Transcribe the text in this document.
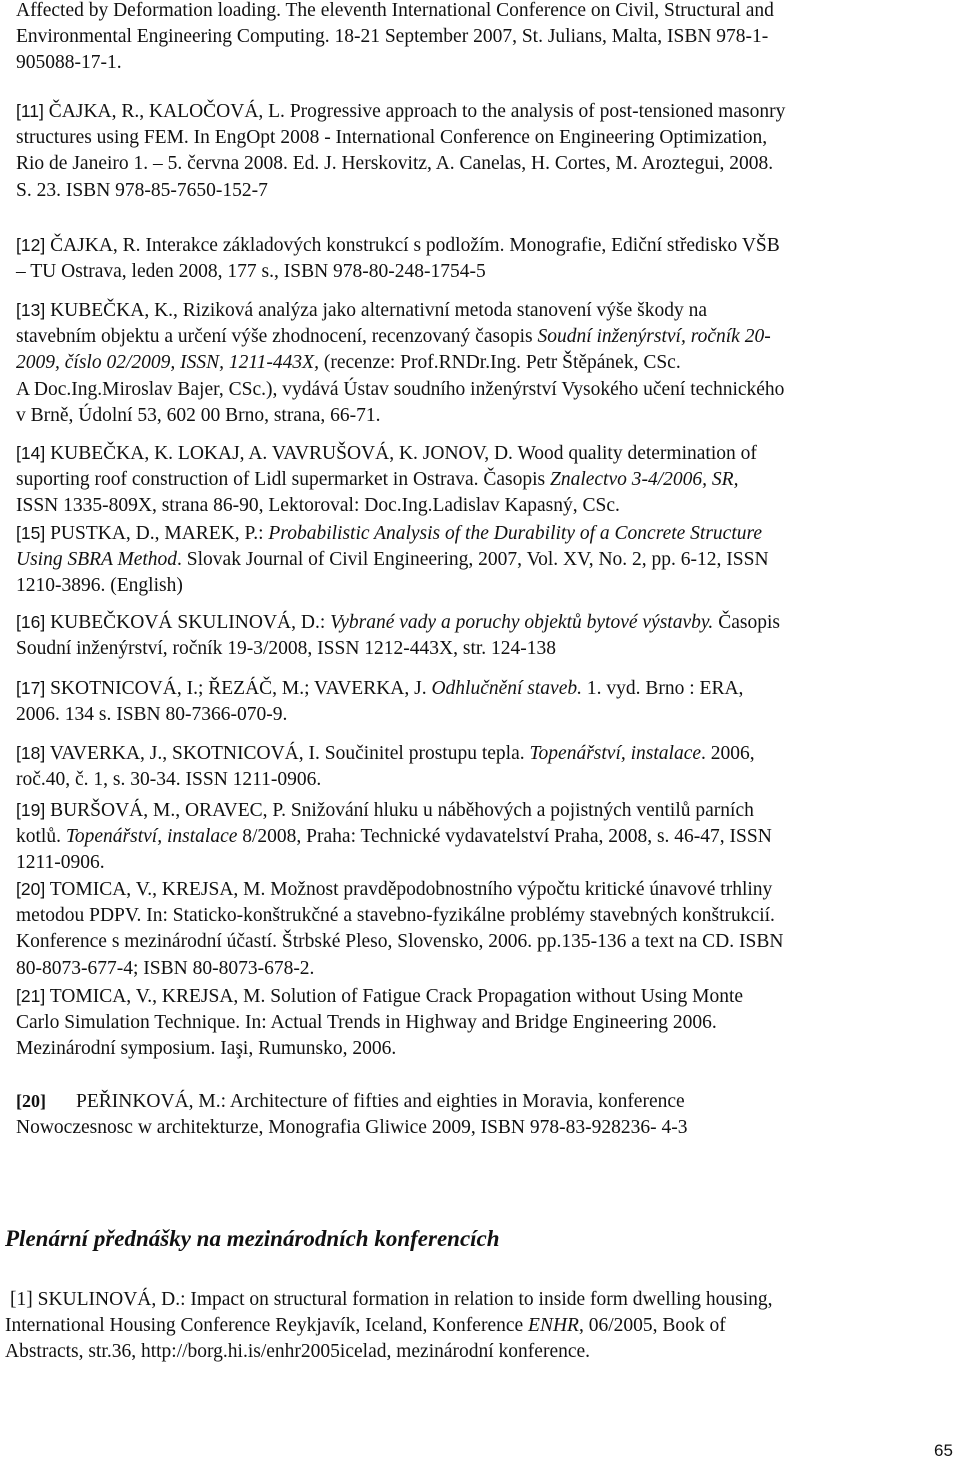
Affected by Deformation loading. The eleventh International Conference on Civil, Structural and
Environmental Engineering Computing. 18-21 September 2007, St. Julians, Malta, ISBN 978-1-
905088-17-1.
[11] ČAJKA, R., KALOČOVÁ, L. Progressive approach to the analysis of post-tensioned masonry
structures using FEM. In EngOpt 2008 - International Conference on Engineering Optimization,
Rio de Janeiro 1. – 5. června 2008. Ed. J. Herskovitz, A. Canelas, H. Cortes, M. Aroztegui, 2008.
S. 23. ISBN 978-85-7650-152-7
[12] ČAJKA, R. Interakce základových konstrukcí s podložím. Monografie, Ediční středisko VŠB
– TU Ostrava, leden 2008, 177 s., ISBN 978-80-248-1754-5
[13] KUBEČKA, K., Riziková analýza jako alternativní metoda stanovení výše škody na
stavebním objektu a určení výše zhodnocení, recenzovaný časopis Soudní inženýrství, ročník 20-
2009, číslo 02/2009, ISSN, 1211-443X, (recenze: Prof.RNDr.Ing. Petr Štěpánek, CSc.
A Doc.Ing.Miroslav Bajer, CSc.), vydává Ústav soudního inženýrství Vysokého učení technického
v Brně, Údolní 53, 602 00 Brno, strana, 66-71.
[14] KUBEČKA, K. LOKAJ, A. VAVRUŠOVÁ, K. JONOV, D. Wood quality determination of
suporting roof construction of Lidl supermarket in Ostrava. Časopis Znalectvo 3-4/2006, SR,
ISSN 1335-809X, strana 86-90, Lektoroval: Doc.Ing.Ladislav Kapasný, CSc.
[15] PUSTKA, D., MAREK, P.: Probabilistic Analysis of the Durability of a Concrete Structure
Using SBRA Method. Slovak Journal of Civil Engineering, 2007, Vol. XV, No. 2, pp. 6-12, ISSN
1210-3896. (English)
[16] KUBEČKOVÁ SKULINOVÁ, D.: Vybrané vady a poruchy objektů bytové výstavby. Časopis
Soudní inženýrství, ročník 19-3/2008, ISSN 1212-443X, str. 124-138
[17] SKOTNICOVÁ, I.; ŘEZÁČ, M.; VAVERKA, J. Odhlučnění staveb. 1. vyd. Brno : ERA,
2006. 134 s. ISBN 80-7366-070-9.
[18] VAVERKA, J., SKOTNICOVÁ, I. Součinitel prostupu tepla. Topenářství, instalace. 2006,
roč.40, č. 1, s. 30-34. ISSN 1211-0906.
[19] BURŠOVÁ, M., ORAVEC, P. Snižování hluku u náběhových a pojistných ventilů parních
kotlů. Topenářství, instalace 8/2008, Praha: Technické vydavatelství Praha, 2008, s. 46-47, ISSN
1211-0906.
[20] TOMICA, V., KREJSA, M. Možnost pravděpodobnostního výpočtu kritické únavové trhliny
metodou PDPV. In: Staticko-konštrukčné a stavebno-fyzikálne problémy stavebných konštrukcií.
Konference s mezinárodní účastí. Štrbské Pleso, Slovensko, 2006. pp.135-136 a text na CD. ISBN
80-8073-677-4; ISBN 80-8073-678-2.
[21] TOMICA, V., KREJSA, M. Solution of Fatigue Crack Propagation without Using Monte
Carlo Simulation Technique. In: Actual Trends in Highway and Bridge Engineering 2006.
Mezinárodní symposium. Iaşi, Rumunsko, 2006.
[20] PEŘINKOVÁ, M.: Architecture of fifties and eighties in Moravia, konference
Nowoczesnosc w architekturze, Monografia Gliwice 2009, ISBN 978-83-928236- 4-3
Plenární přednášky na mezinárodních konferencích
[1] SKULINOVÁ, D.: Impact on structural formation in relation to inside form dwelling housing,
International Housing Conference Reykjavík, Iceland, Konference ENHR, 06/2005, Book of
Abstracts, str.36, http://borg.hi.is/enhr2005icelad, mezinárodní konference.
65
